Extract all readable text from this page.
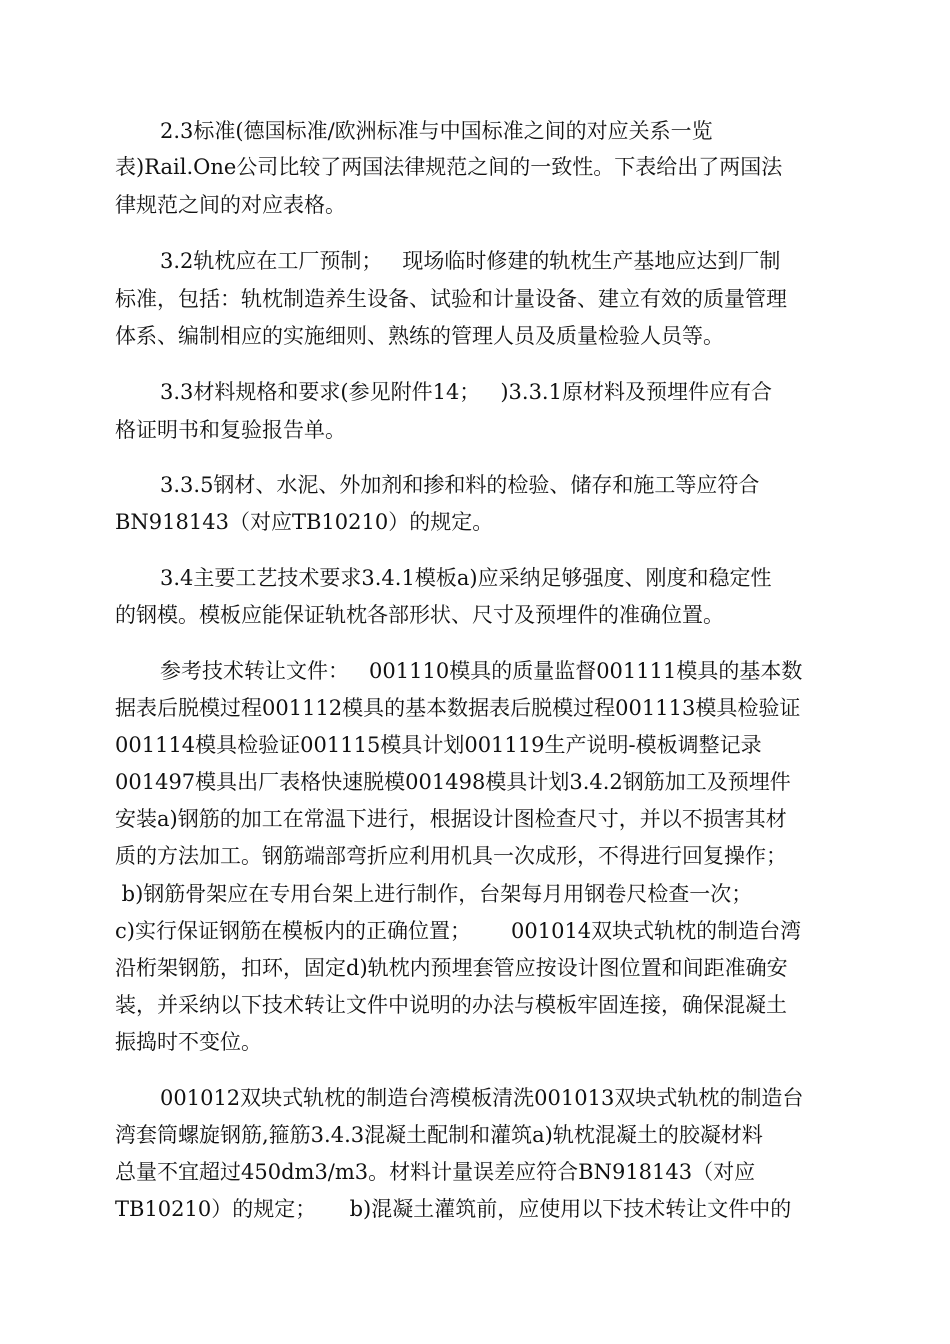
2.3标准(德国标准/欧洲标准与中国标准之间的对应关系一览
表)Rail.One公司比较了两国法律规范之间的一致性。下表给出了两国法
律规范之间的对应表格。
3.2轨枕应在工厂预制；   现场临时修建的轨枕生产基地应达到厂制
标准，包括：轨枕制造养生设备、试验和计量设备、建立有效的质量管理
体系、编制相应的实施细则、熟练的管理人员及质量检验人员等。
3.3材料规格和要求(参见附件14；   )3.3.1原材料及预埋件应有合
格证明书和复验报告单。
3.3.5钢材、水泥、外加剂和掺和料的检验、储存和施工等应符合
BN918143（对应TB10210）的规定。
3.4主要工艺技术要求3.4.1模板a)应采纳足够强度、刚度和稳定性
的钢模。模板应能保证轨枕各部形状、尺寸及预埋件的准确位置。
参考技术转让文件：   001110模具的质量监督001111模具的基本数
据表后脱模过程001112模具的基本数据表后脱模过程001113模具检验证
001114模具检验证001115模具计划001119生产说明-模板调整记录
001497模具出厂表格快速脱模001498模具计划3.4.2钢筋加工及预埋件
安装a)钢筋的加工在常温下进行，根据设计图检查尺寸，并以不损害其材
质的方法加工。钢筋端部弯折应利用机具一次成形，不得进行回复操作；
b)钢筋骨架应在专用台架上进行制作，台架每月用钢卷尺检查一次；
c)实行保证钢筋在模板内的正确位置；      001014双块式轨枕的制造台湾
沿桁架钢筋，扣环，固定d)轨枕内预埋套管应按设计图位置和间距准确安
装，并采纳以下技术转让文件中说明的办法与模板牢固连接，确保混凝土
振捣时不变位。
001012双块式轨枕的制造台湾模板清洗001013双块式轨枕的制造台
湾套筒螺旋钢筋,箍筋3.4.3混凝土配制和灌筑a)轨枕混凝土的胶凝材料
总量不宜超过450dm3/m3。材料计量误差应符合BN918143（对应
TB10210）的规定；     b)混凝土灌筑前，应使用以下技术转让文件中的
